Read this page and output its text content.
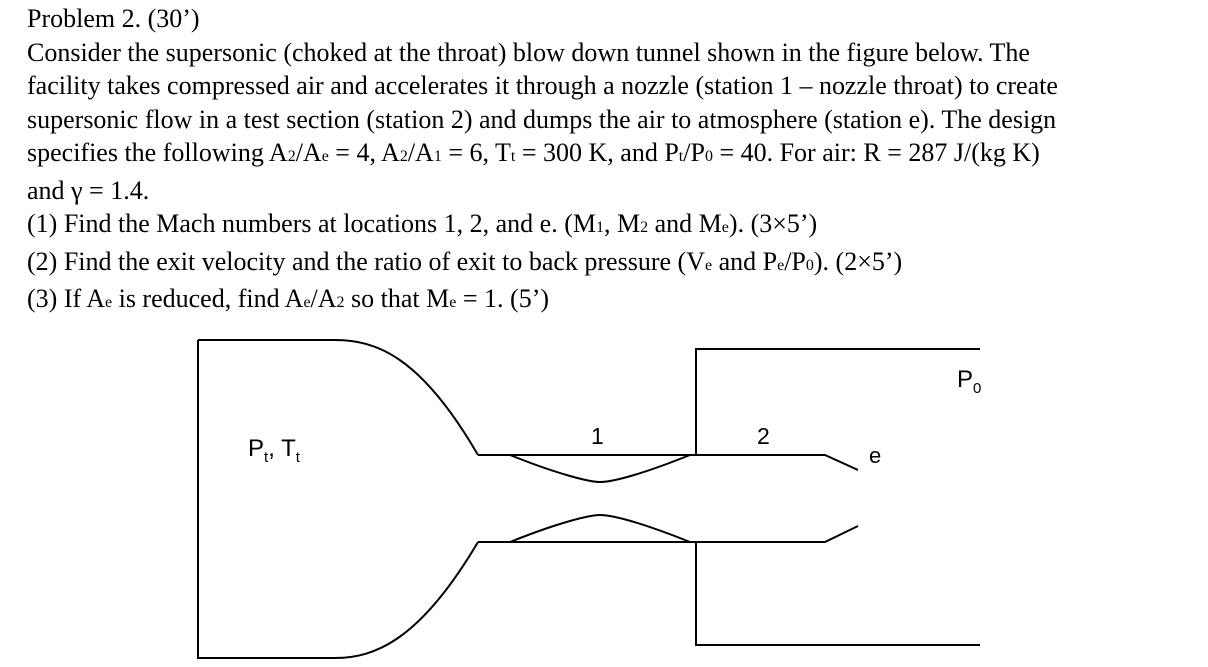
Problem 2. (30’)
Consider the supersonic (choked at the throat) blow down tunnel shown in the figure below. The
facility takes compressed air and accelerates it through a nozzle (station 1 – nozzle throat) to create
supersonic flow in a test section (station 2) and dumps the air to atmosphere (station e). The design
specifies the following A2/Ae = 4, A2/A1 = 6, Tt = 300 K, and Pt/P0 = 40. For air: R = 287 J/(kg K)
and γ = 1.4.
(1) Find the Mach numbers at locations 1, 2, and e. (M1, M2 and Me). (3×5’)
(2) Find the exit velocity and the ratio of exit to back pressure (Ve and Pe/P0). (2×5’)
(3) If Ae is reduced, find Ae/A2 so that Me = 1. (5’)
$P_t$, $T_t$
1	2
e
$P_0$
